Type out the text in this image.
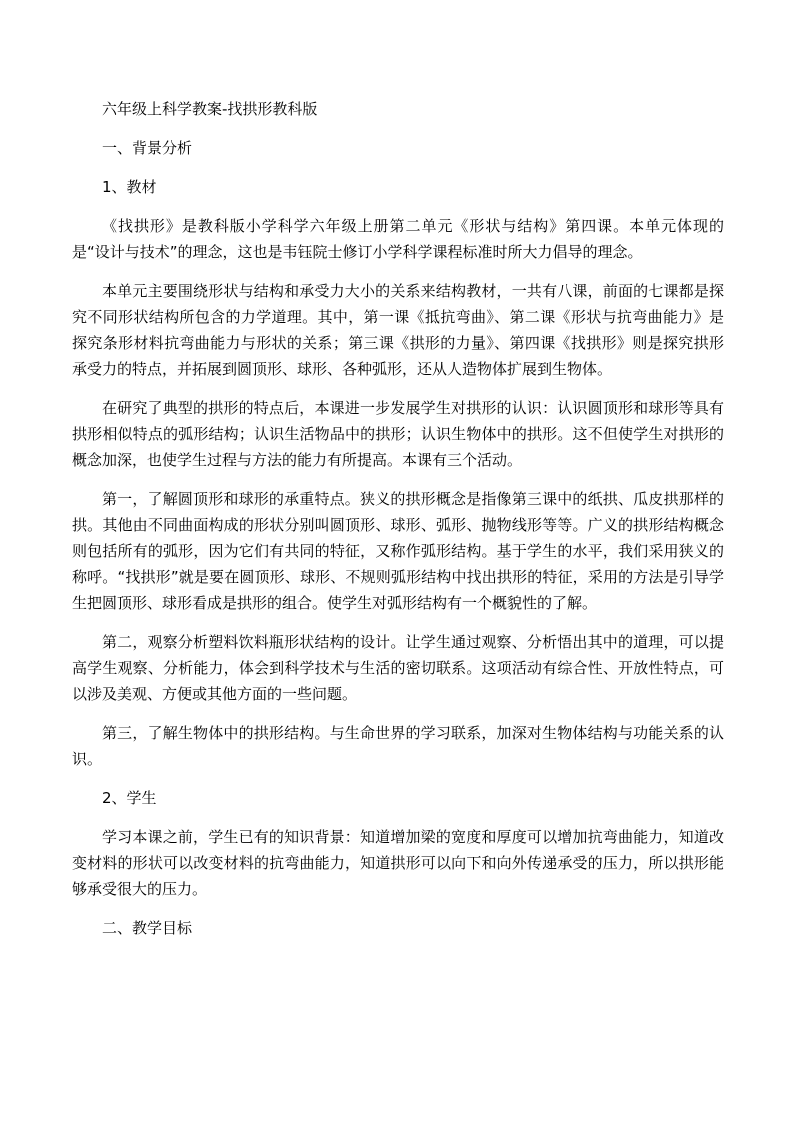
六年级上科学教案-找拱形教科版

一、背景分析

1、教材

《找拱形》是教科版小学科学六年级上册第二单元《形状与结构》第四课。本单元体现的是“设计与技术”的理念，这也是韦钰院士修订小学科学课程标准时所大力倡导的理念。

本单元主要围绕形状与结构和承受力大小的关系来结构教材，一共有八课，前面的七课都是探究不同形状结构所包含的力学道理。其中，第一课《抵抗弯曲》、第二课《形状与抗弯曲能力》是探究条形材料抗弯曲能力与形状的关系；第三课《拱形的力量》、第四课《找拱形》则是探究拱形承受力的特点，并拓展到圆顶形、球形、各种弧形，还从人造物体扩展到生物体。

在研究了典型的拱形的特点后，本课进一步发展学生对拱形的认识：认识圆顶形和球形等具有拱形相似特点的弧形结构；认识生活物品中的拱形；认识生物体中的拱形。这不但使学生对拱形的概念加深，也使学生过程与方法的能力有所提高。本课有三个活动。

第一，了解圆顶形和球形的承重特点。狭义的拱形概念是指像第三课中的纸拱、瓜皮拱那样的拱。其他由不同曲面构成的形状分别叫圆顶形、球形、弧形、抛物线形等等。广义的拱形结构概念则包括所有的弧形，因为它们有共同的特征，又称作弧形结构。基于学生的水平，我们采用狭义的称呼。“找拱形”就是要在圆顶形、球形、不规则弧形结构中找出拱形的特征，采用的方法是引导学生把圆顶形、球形看成是拱形的组合。使学生对弧形结构有一个概貌性的了解。

第二，观察分析塑料饮料瓶形状结构的设计。让学生通过观察、分析悟出其中的道理，可以提高学生观察、分析能力，体会到科学技术与生活的密切联系。这项活动有综合性、开放性特点，可以涉及美观、方便或其他方面的一些问题。

第三，了解生物体中的拱形结构。与生命世界的学习联系，加深对生物体结构与功能关系的认识。

2、学生

学习本课之前，学生已有的知识背景：知道增加梁的宽度和厚度可以增加抗弯曲能力，知道改变材料的形状可以改变材料的抗弯曲能力，知道拱形可以向下和向外传递承受的压力，所以拱形能够承受很大的压力。

二、教学目标
